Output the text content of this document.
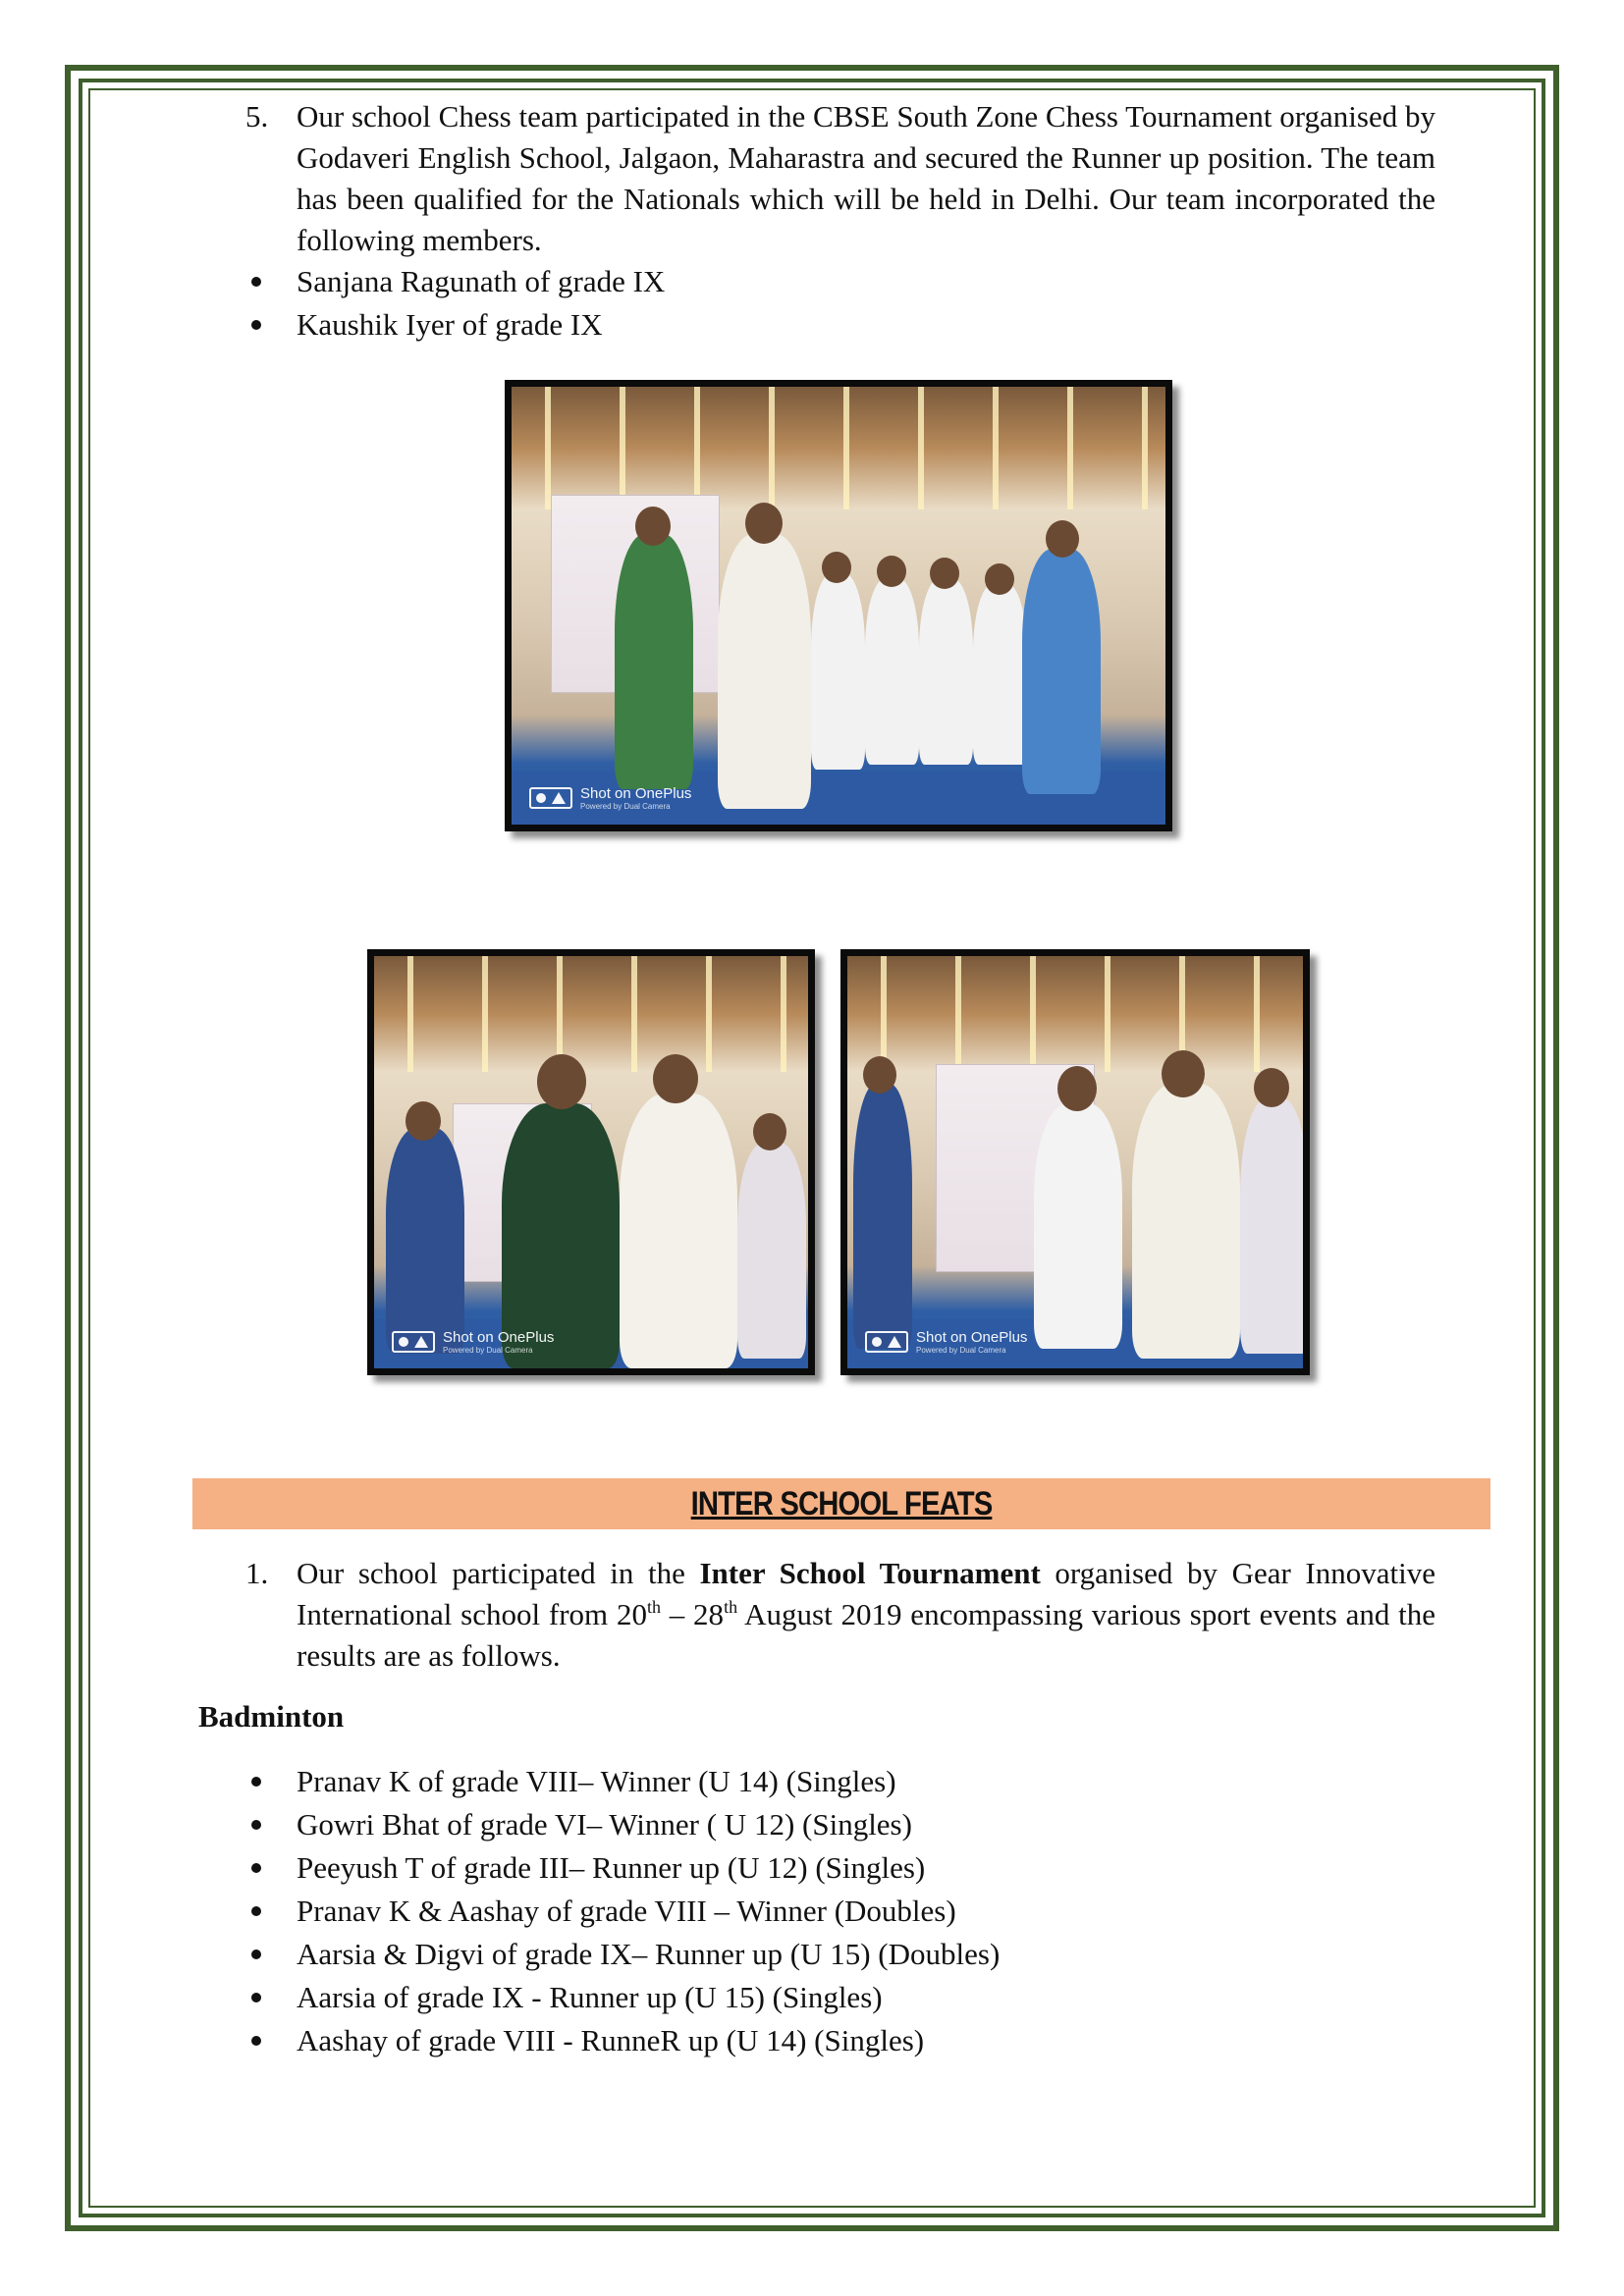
5. Our school Chess team participated in the CBSE South Zone Chess Tournament organised by Godaveri English School, Jalgaon, Maharastra and secured the Runner up position. The team has been qualified for the Nationals which will be held in Delhi. Our team incorporated the following members.
Sanjana Ragunath of grade IX
Kaushik Iyer of grade IX
Shot on OnePlus
Powered by Dual Camera
Shot on OnePlus
Powered by Dual Camera
Shot on OnePlus
Powered by Dual Camera
INTER SCHOOL FEATS
1. Our school participated in the Inter School Tournament organised by Gear Innovative International school from 20th – 28th August 2019 encompassing various sport events and the results are as follows.
Badminton
Pranav K of grade VIII– Winner (U 14) (Singles)
Gowri Bhat of grade VI– Winner ( U 12) (Singles)
Peeyush T of grade III– Runner up (U 12) (Singles)
Pranav K & Aashay of grade VIII – Winner (Doubles)
Aarsia & Digvi of grade IX– Runner up (U 15) (Doubles)
Aarsia of grade IX - Runner up (U 15) (Singles)
Aashay of grade VIII - RunneR up (U 14) (Singles)
